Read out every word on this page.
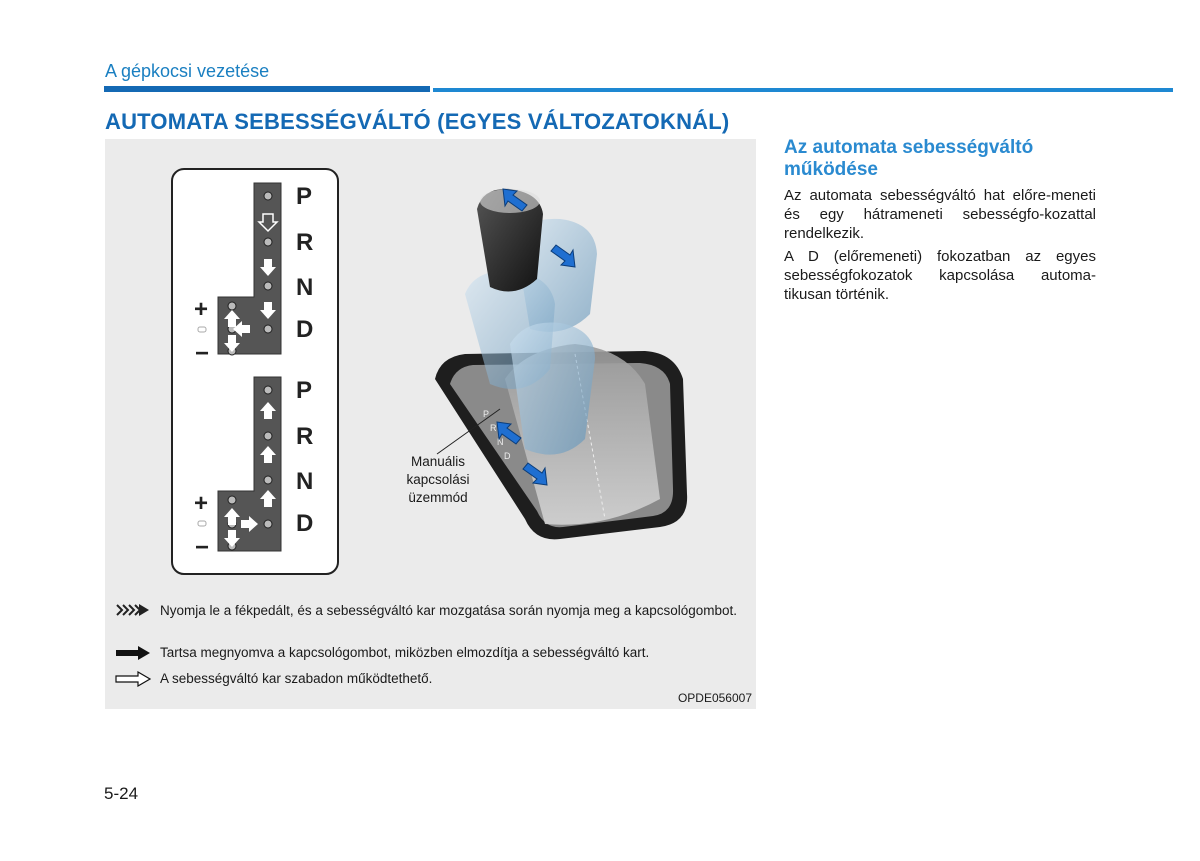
A gépkocsi vezetése
AUTOMATA SEBESSÉGVÁLTÓ (EGYES VÁLTOZATOKNÁL)
P
R
N
D
P
R
N
D
+
−
+
−
P
R
N
D
Manuális kapcsolási üzemmód
Nyomja le a fékpedált, és a sebességváltó kar mozgatása során nyomja meg a kapcsológombot.
Tartsa megnyomva a kapcsológombot, miközben elmozdítja a sebességváltó kart.
A sebességváltó kar szabadon működtethető.
OPDE056007
Az automata sebességváltó működése
Az automata sebességváltó hat előre-meneti és egy hátrameneti sebességfo-kozattal rendelkezik.
A D (előremeneti) fokozatban az egyes sebességfokozatok kapcsolása automa-tikusan történik.
5-24
